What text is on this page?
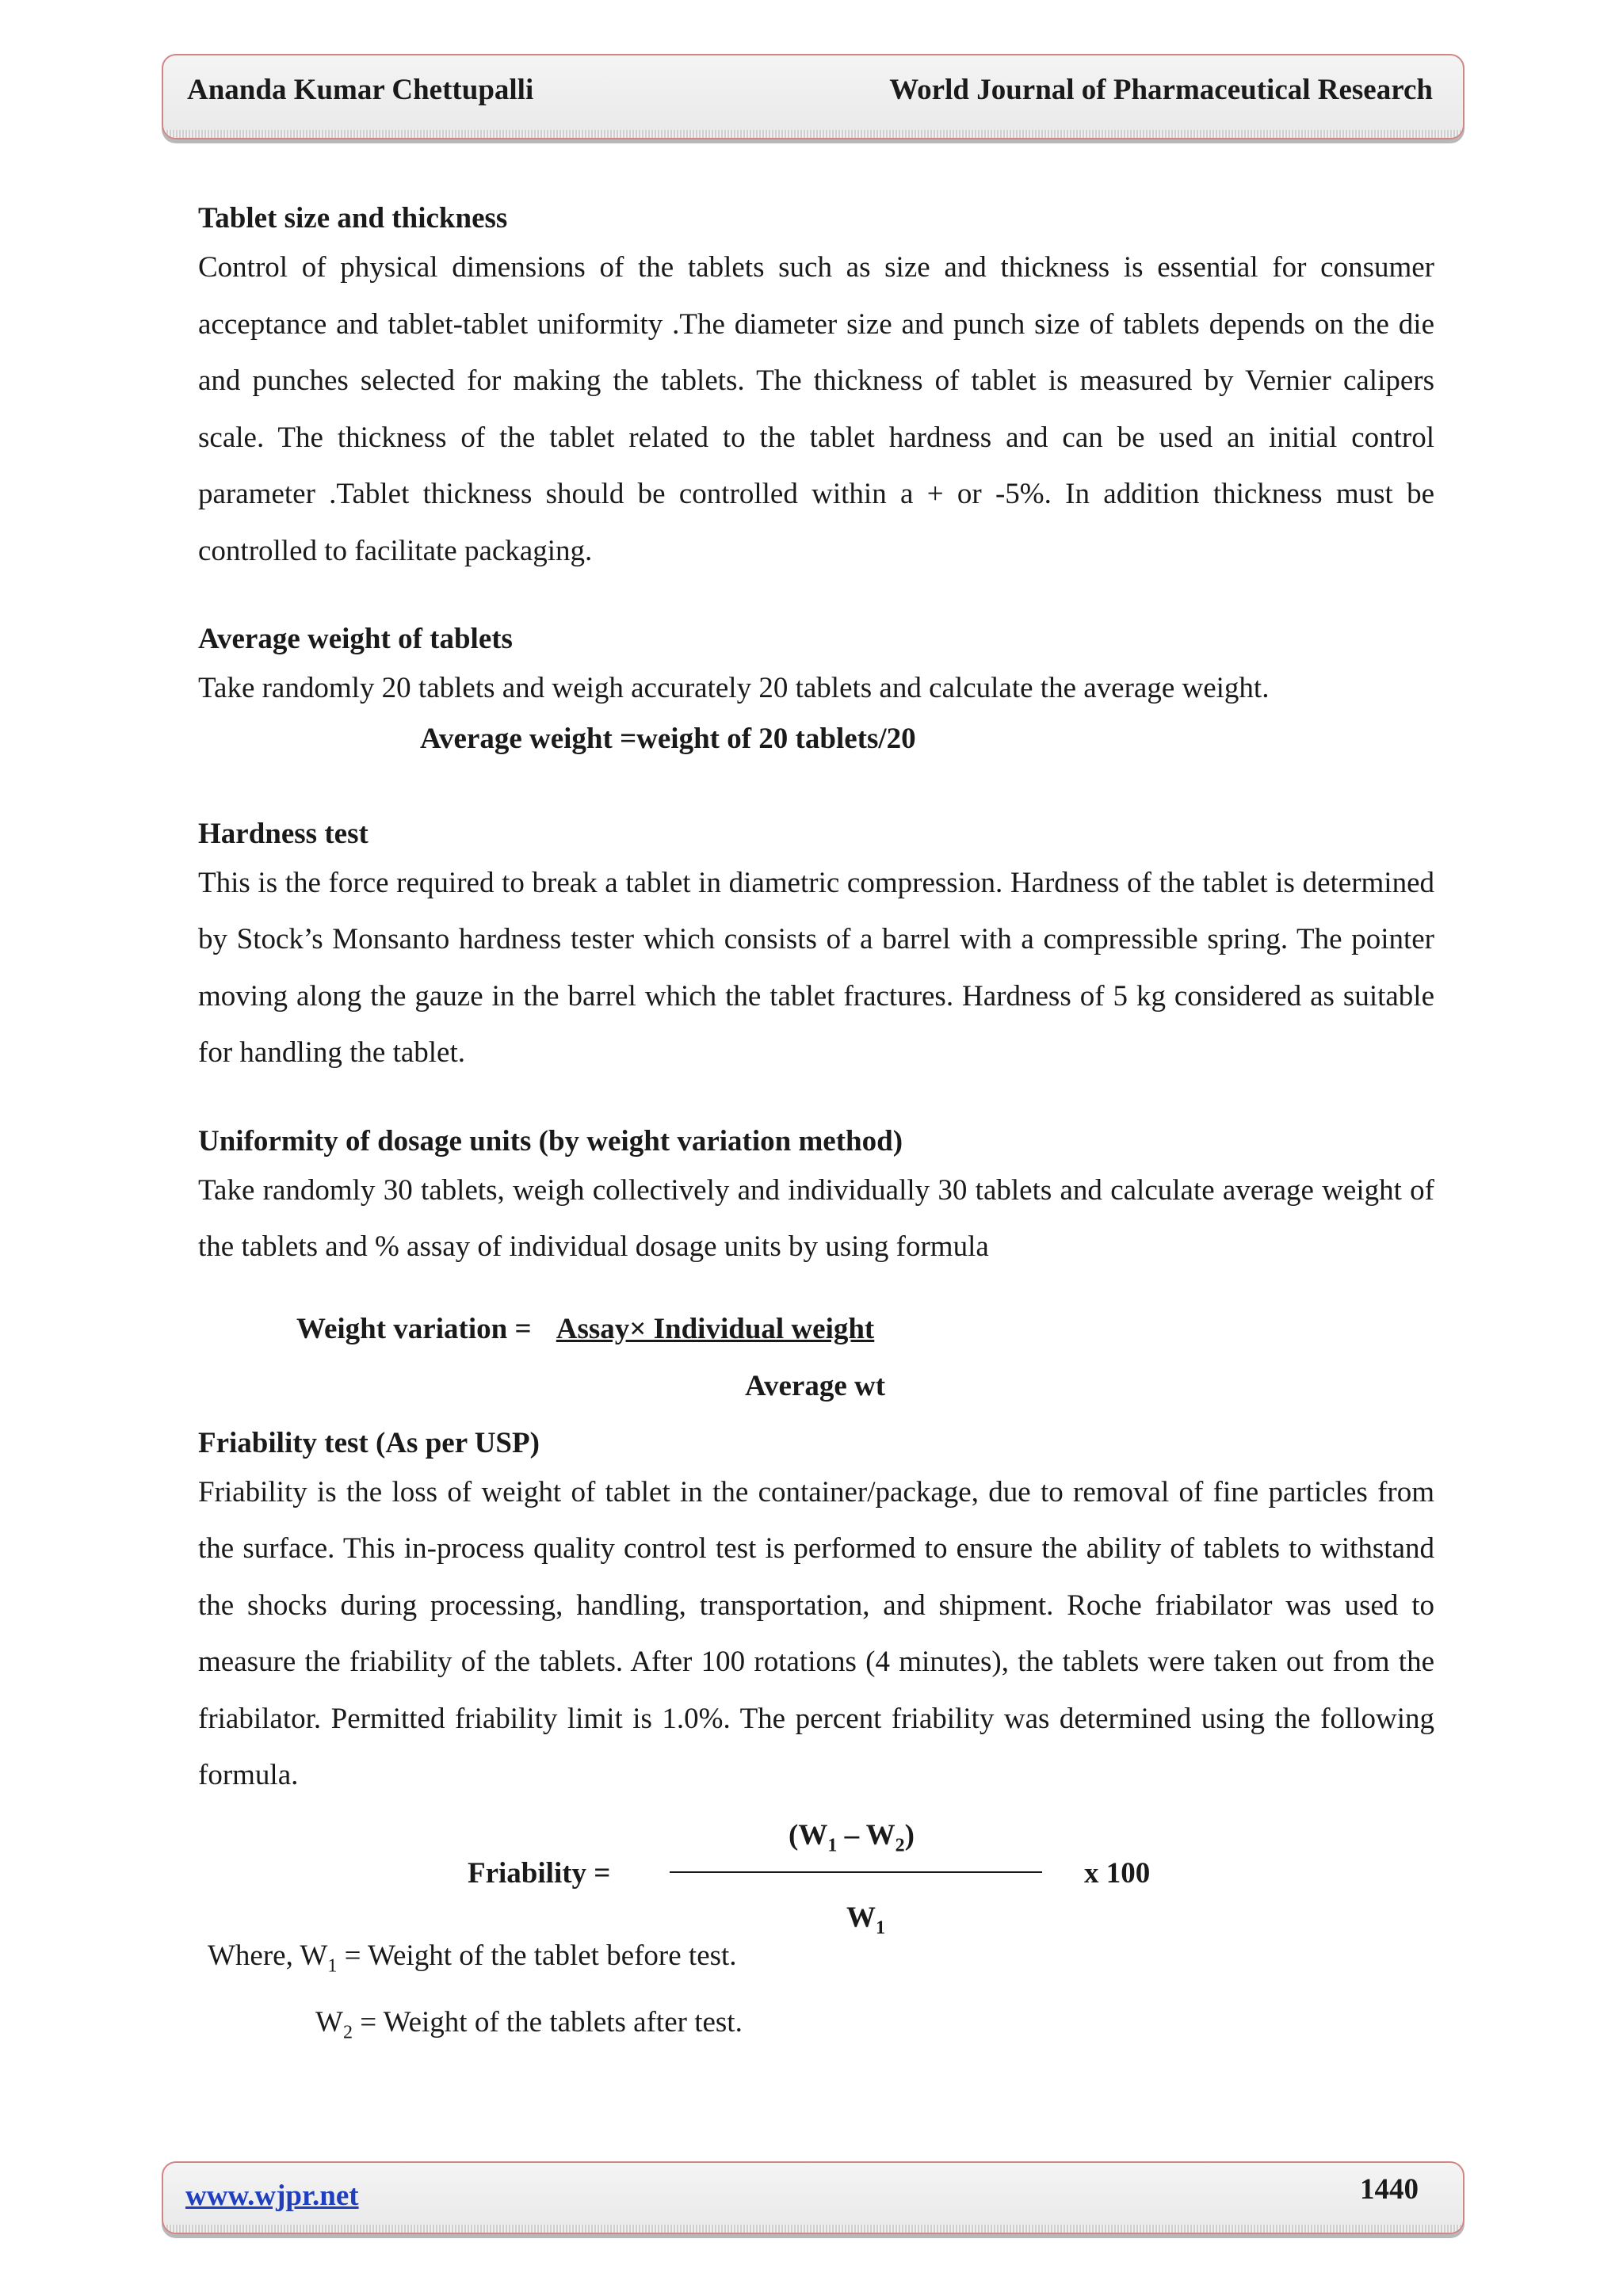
Ananda Kumar Chettupalli	World Journal of Pharmaceutical Research

Tablet size and thickness

Control of physical dimensions of the tablets such as size and thickness is essential for consumer acceptance and tablet-tablet uniformity .The diameter size and punch size of tablets depends on the die and punches selected for making the tablets. The thickness of tablet is measured by Vernier calipers scale. The thickness of the tablet related to the tablet hardness and can be used an initial control parameter .Tablet thickness should be controlled within a + or -5%. In addition thickness must be controlled to facilitate packaging.

Average weight of tablets

Take randomly 20 tablets and weigh accurately 20 tablets and calculate the average weight.

Average weight =weight of 20 tablets/20

Hardness test

This is the force required to break a tablet in diametric compression. Hardness of the tablet is determined by Stock’s Monsanto hardness tester which consists of a barrel with a compressible spring. The pointer moving along the gauze in the barrel which the tablet fractures. Hardness of 5 kg considered as suitable for handling the tablet.

Uniformity of dosage units (by weight variation method)

Take randomly 30 tablets, weigh collectively and individually 30 tablets and calculate average weight of the tablets and % assay of individual dosage units by using formula

Weight variation = Assay× Individual weight
Average wt

Friability test (As per USP)

Friability is the loss of weight of tablet in the container/package, due to removal of fine particles from the surface. This in-process quality control test is performed to ensure the ability of tablets to withstand the shocks during processing, handling, transportation, and shipment. Roche friabilator was used to measure the friability of the tablets. After 100 rotations (4 minutes), the tablets were taken out from the friabilator. Permitted friability limit is 1.0%. The percent friability was determined using the following formula.

$(W_1 - W_2)$
Friability =	x 100
$W_1$
Where, $W_1$ = Weight of the tablet before test.
$W_2$ = Weight of the tablets after test.
www.wjpr.net	1440
